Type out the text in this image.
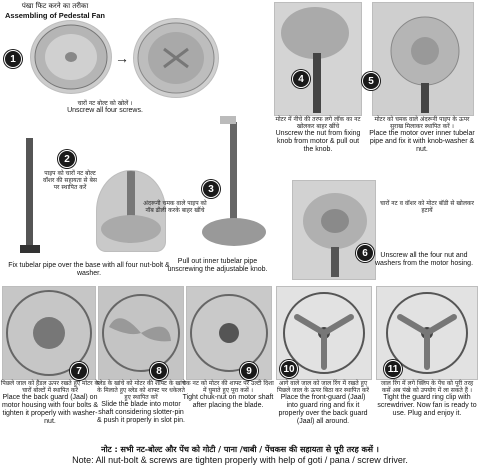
पंखा फिट करने का तरीका
Assembling of Pedestal Fan
1	→
चारों नट बोल्ट को खोलें ।
Unscrew all four screws.
2
पाइप को चारों नट बोल्ट वॉशर की सहायता से बेस पर स्थापित करें
Fix tubelar pipe over the base with all four nut-bolt & washer.
3
अंदरूनी चमक वाले पाइप को नॉब ढीली करके बाहर खींचे
Pull out inner tubelar pipe unscrewing the adjustable knob.
4
मोटर में नीचे की तरफ लगे लॉक का नट खोलकर बाहर खींचे
Unscrew the nut from fixing knob from motor & pull out the knob.
5
मोटर को चमक वाले अंदरूनी पाइप के ऊपर सुराख मिलाकर स्थापित करें ।
Place the motor over inner tubelar pipe and fix it with knob-washer & nut.
6
चारों नट व वॉशर को मोटर बॉडी से खोलकर हटायें
Unscrew all the four nut and washers from the motor hosing.
7
पिछले जाल को हैंडल ऊपर रखते हुए मोटर के चारों बोल्टों में स्थापित करें
Place the back guard (Jaal) on motor housing with four bolts & tighten it properly with washer-nut.
8
ब्लेड के खांचे को मोटर की शाफ्ट के खांचे के मिलाते हुए ब्लेड को शाफ्ट पर धकेलते हुए स्थापित करें
Slide the blade into motor shaft considering slotter-pin & push it properly in slot pin.
9
चक नट को मोटर की शाफ्ट पर उल्टी दिशा में घुमाते हुए पूरा कसें ।
Tight chuk-nut on motor shaft after placing the blade.
10
आगे वाले जाल को जाल रिंग में रखते हुए पिछले जाल के ऊपर बिठा कर स्थापित करें
Place the front-guard (Jaal) into guard ring and fix it properly over the back guard (Jaal) all around.
11
जाल रिंग में लगे क्लिप के पेंच को पूरी तरह कसें अब पंखे को उपयोग में ला सकते हैं ।
Tight the guard ring clip with screwdriver. Now fan is ready to use. Plug and enjoy it.
नोट : सभी नट-बोल्ट और पेंच को गोटी / पाना /चाबी / पेंचकस की सहायता से पूरी तरह कसें ।
Note: All nut-bolt & screws are tighten properly with help of goti / pana / screw driver.
